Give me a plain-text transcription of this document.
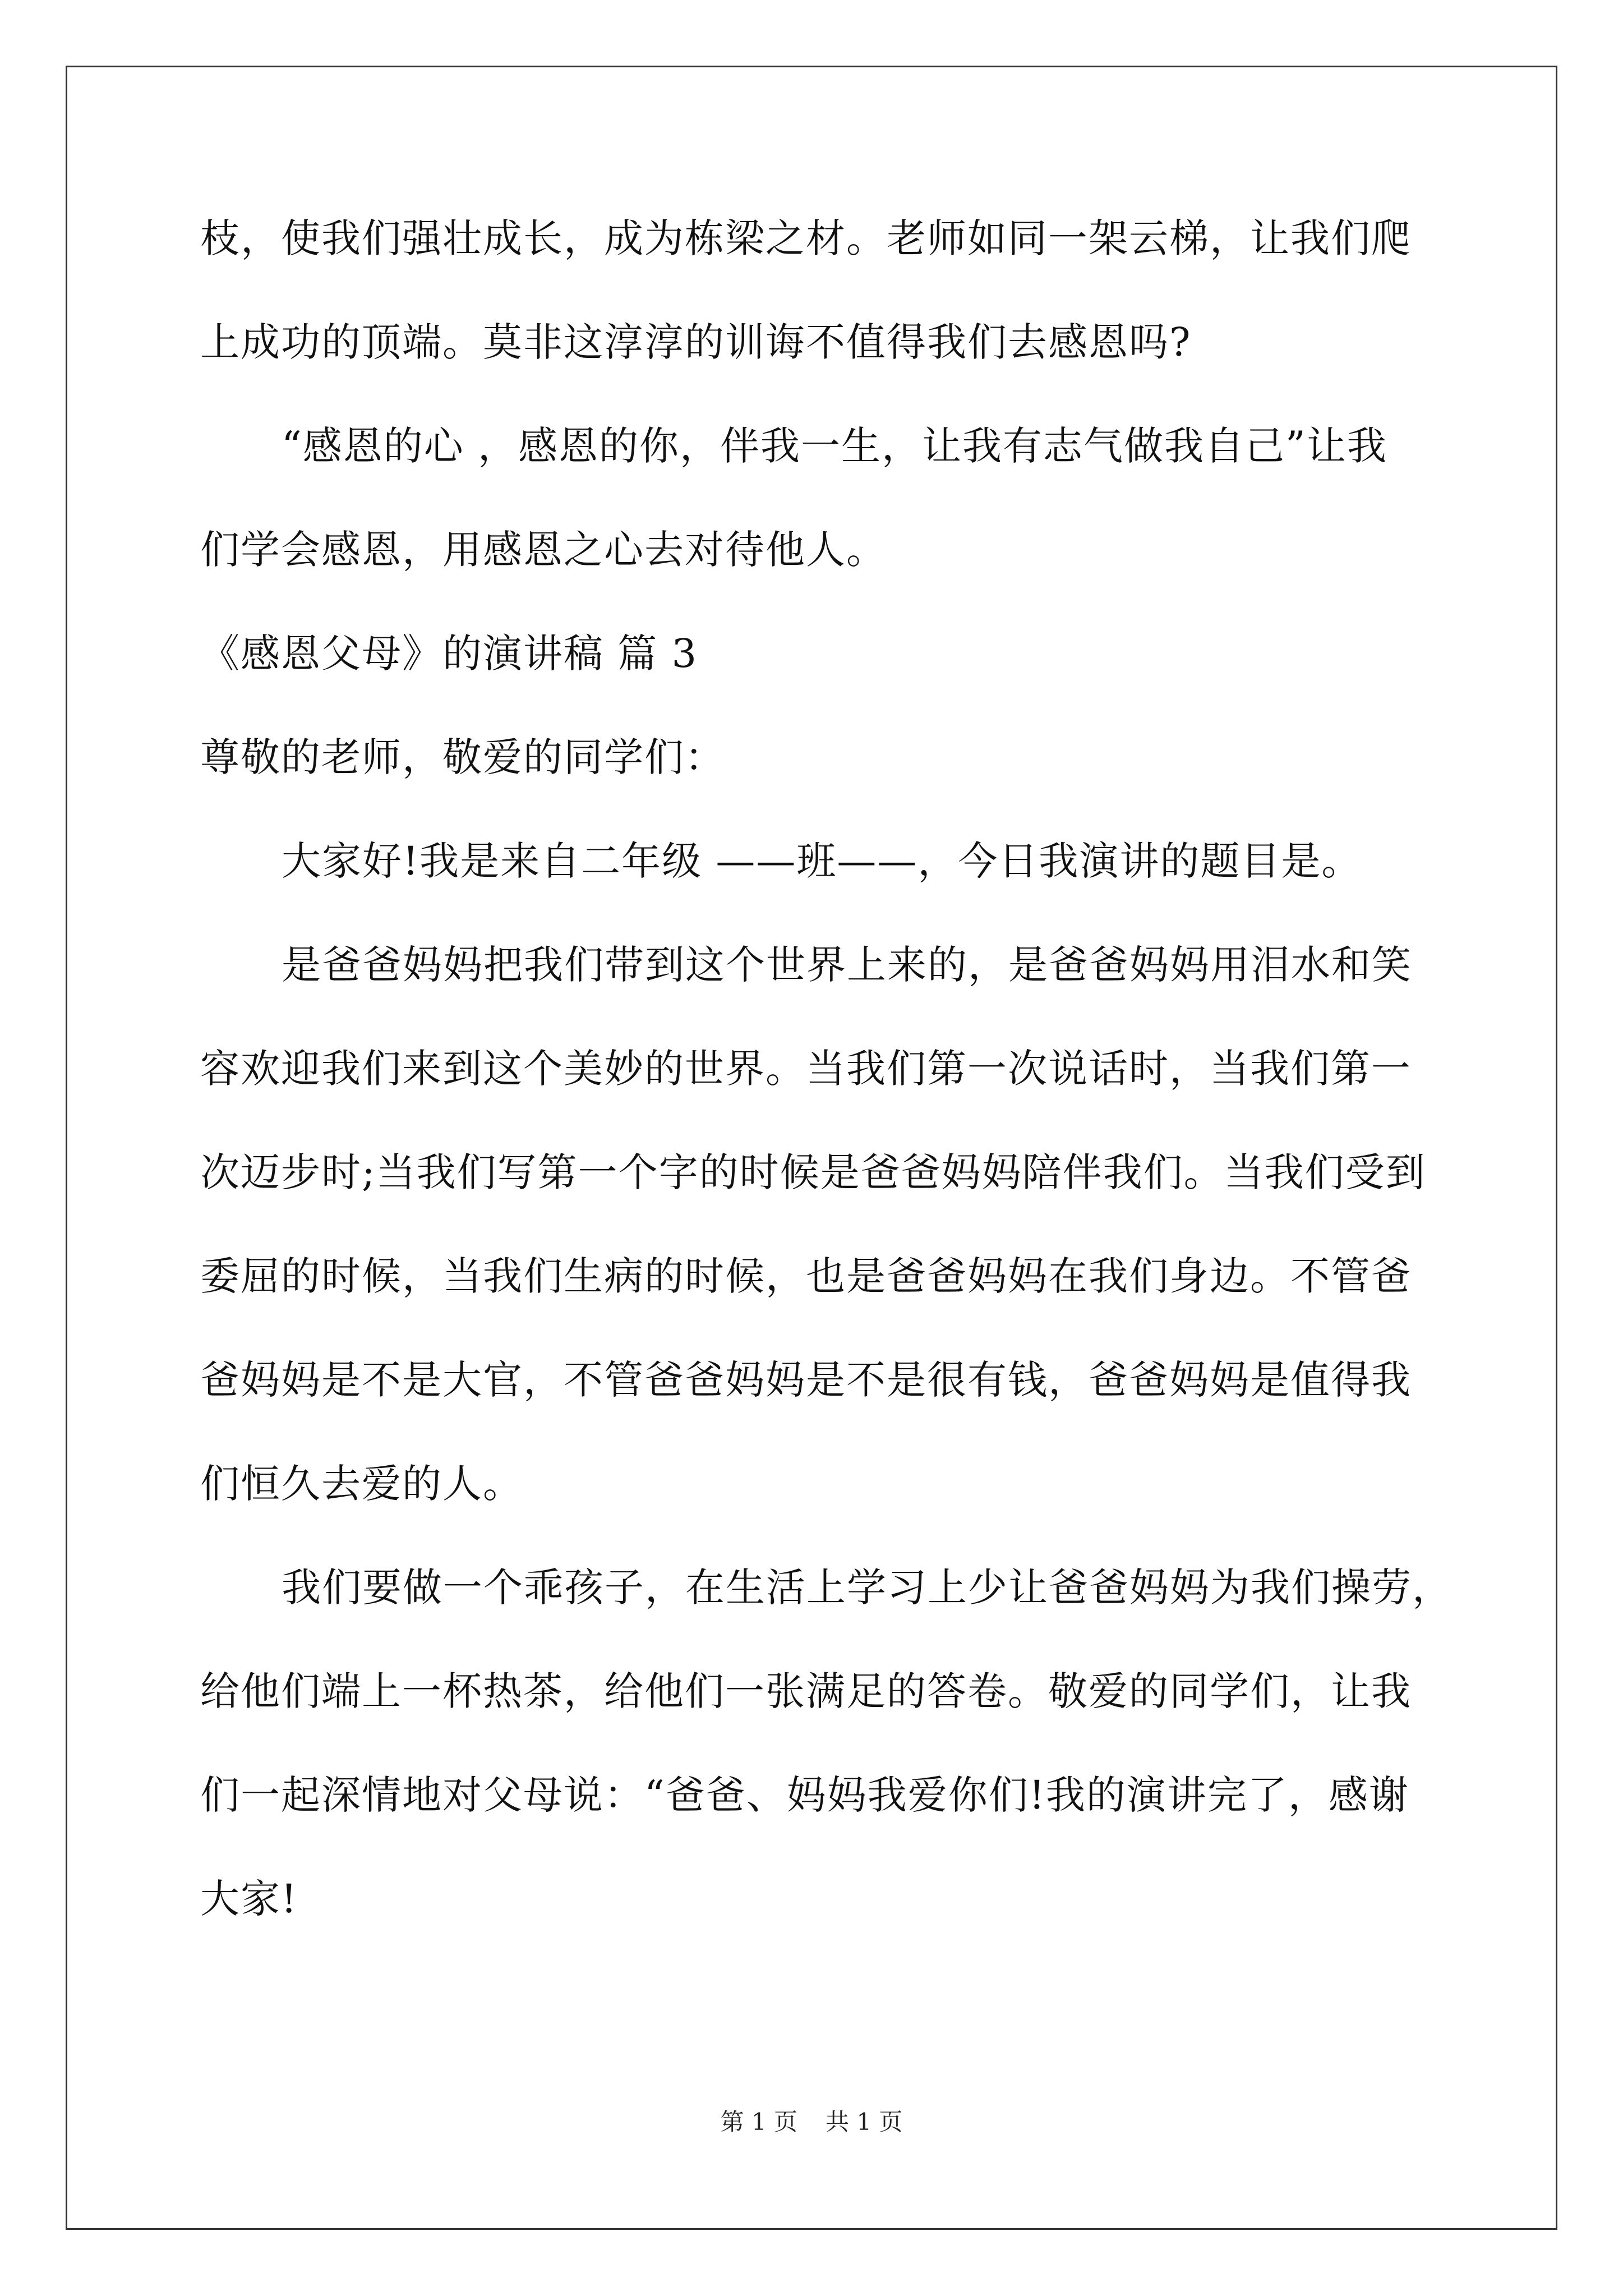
枝，使我们强壮成长，成为栋梁之材。老师如同一架云梯，让我们爬
上成功的顶端。莫非这淳淳的训诲不值得我们去感恩吗?
“感恩的心 ，感恩的你，伴我一生，让我有志气做我自己”让我
们学会感恩，用感恩之心去对待他人。
《感恩父母》的演讲稿 篇 3
尊敬的老师，敬爱的同学们：
大家好!我是来自二年级 ——班——，今日我演讲的题目是。
是爸爸妈妈把我们带到这个世界上来的，是爸爸妈妈用泪水和笑
容欢迎我们来到这个美妙的世界。当我们第一次说话时，当我们第一
次迈步时;当我们写第一个字的时候是爸爸妈妈陪伴我们。当我们受到
委屈的时候，当我们生病的时候，也是爸爸妈妈在我们身边。不管爸
爸妈妈是不是大官，不管爸爸妈妈是不是很有钱，爸爸妈妈是值得我
们恒久去爱的人。
我们要做一个乖孩子，在生活上学习上少让爸爸妈妈为我们操劳，
给他们端上一杯热茶，给他们一张满足的答卷。敬爱的同学们，让我
们一起深情地对父母说：“爸爸、妈妈我爱你们!我的演讲完了，感谢
大家!
第 1 页 共 1 页
